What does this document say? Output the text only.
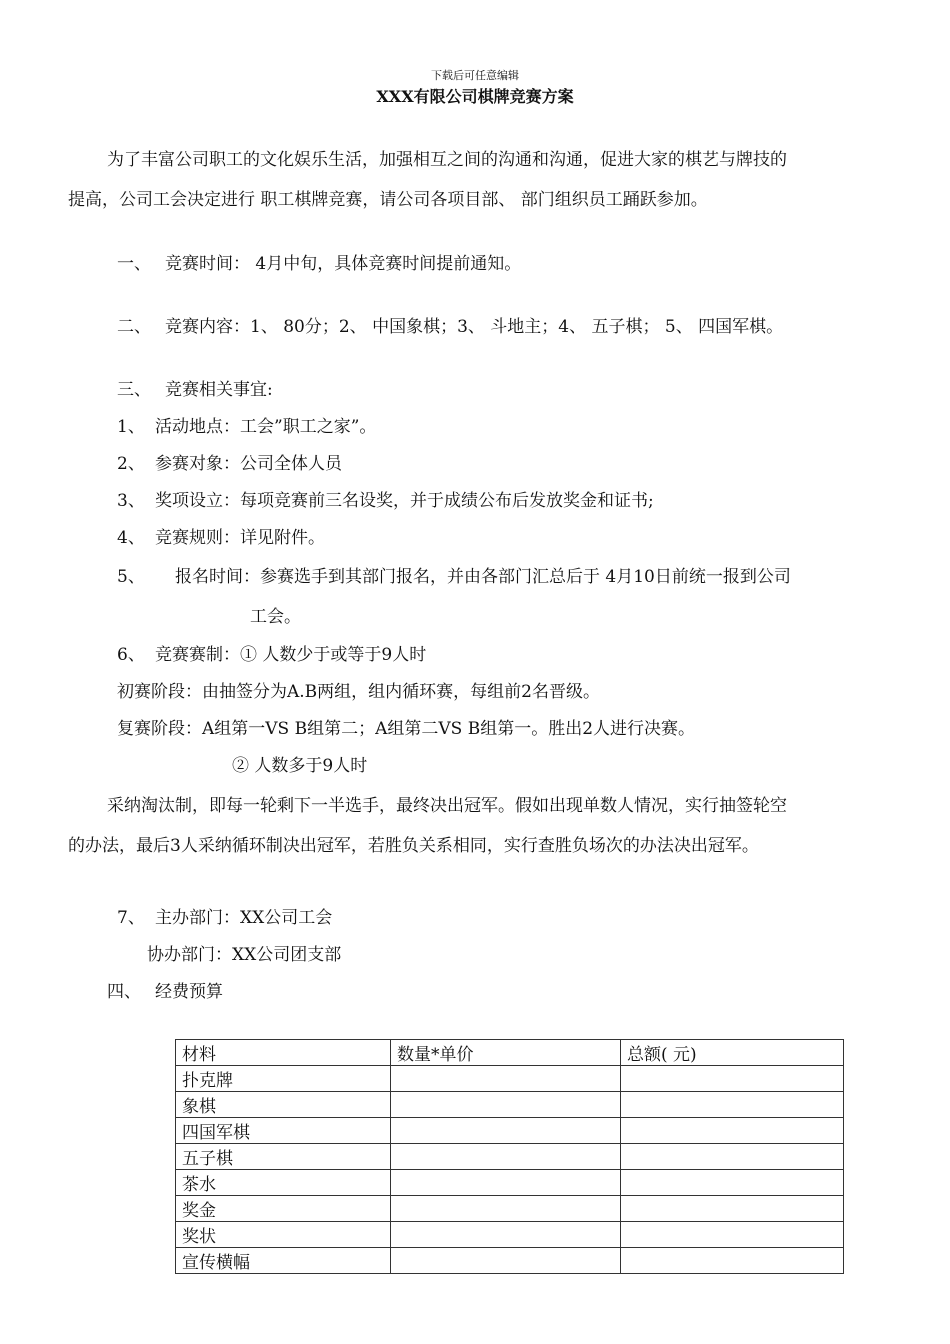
下载后可任意编辑
XXX有限公司棋牌竞赛方案
为了丰富公司职工的文化娱乐生活，加强相互之间的沟通和沟通，促进大家的棋艺与牌技的
提高，公司工会决定进行 职工棋牌竞赛，请公司各项目部、 部门组织员工踊跃参加。
一、 竞赛时间： 4月中旬，具体竞赛时间提前通知。
二、 竞赛内容：1、 80分；2、 中国象棋；3、 斗地主；4、 五子棋； 5、 四国军棋。
三、 竞赛相关事宜:
1、 活动地点：工会”职工之家”。
2、 参赛对象：公司全体人员
3、 奖项设立：每项竞赛前三名设奖，并于成绩公布后发放奖金和证书;
4、 竞赛规则：详见附件。
5、 报名时间：参赛选手到其部门报名，并由各部门汇总后于 4月10日前统一报到公司
工会。
6、 竞赛赛制：① 人数少于或等于9人时
初赛阶段：由抽签分为A.B两组，组内循环赛，每组前2名晋级。
复赛阶段：A组第一VS B组第二；A组第二VS B组第一。胜出2人进行决赛。
② 人数多于9人时
采纳淘汰制，即每一轮剩下一半选手，最终决出冠军。假如出现单数人情况，实行抽签轮空
的办法，最后3人采纳循环制决出冠军，若胜负关系相同，实行查胜负场次的办法决出冠军。
7、 主办部门：XX公司工会
协办部门：XX公司团支部
四、 经费预算
材料	数量*单价	总额( 元)
扑克牌		
象棋		
四国军棋		
五子棋		
茶水		
奖金		
奖状		
宣传横幅		
